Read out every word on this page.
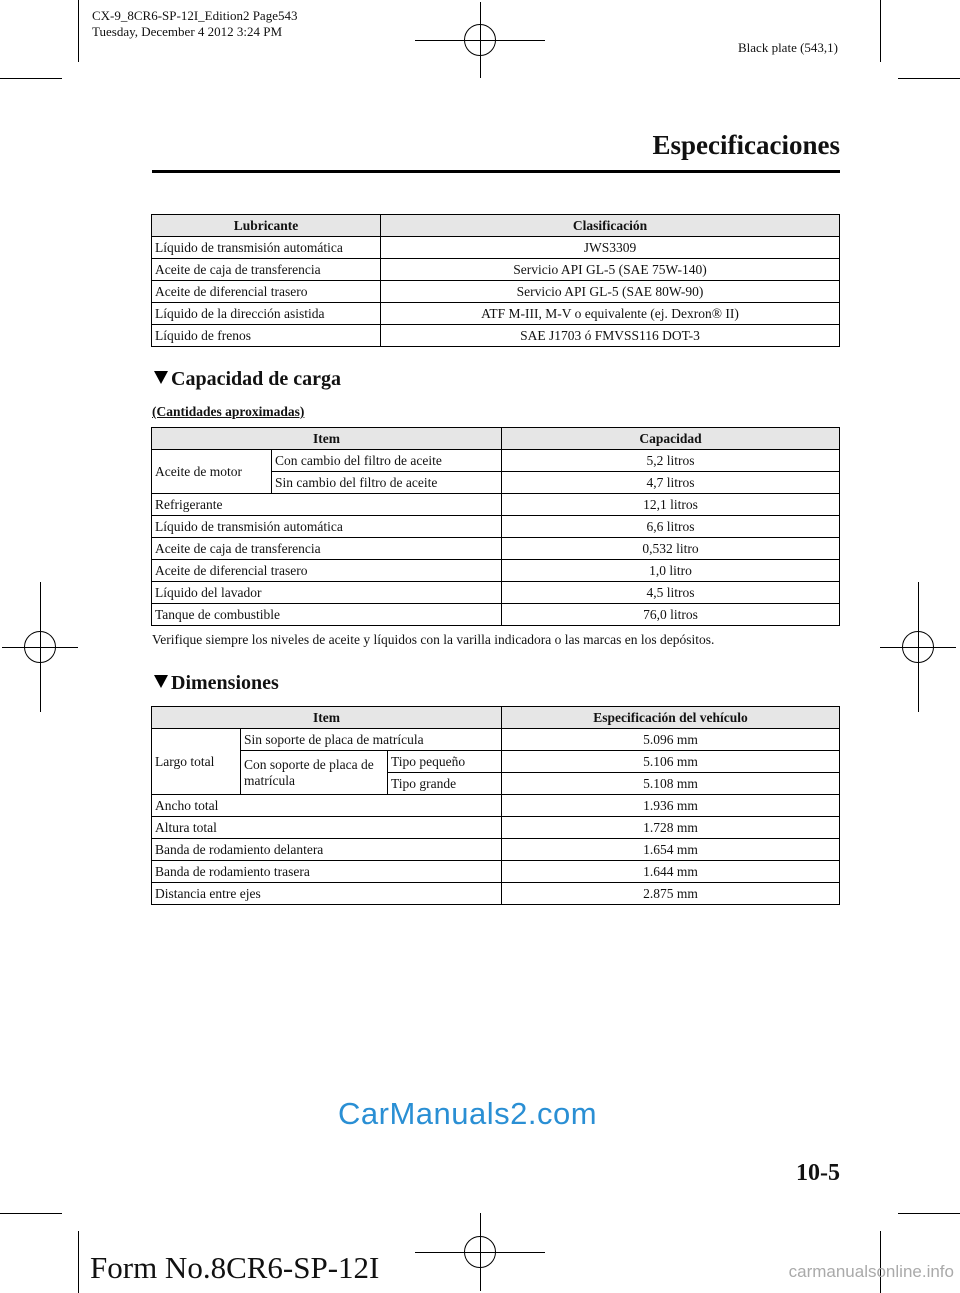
CX-9_8CR6-SP-12I_Edition2 Page543
Tuesday, December 4 2012 3:24 PM
Black plate (543,1)
Especificaciones
Lubricante	Clasificación
Líquido de transmisión automática	JWS3309
Aceite de caja de transferencia	Servicio API GL-5 (SAE 75W-140)
Aceite de diferencial trasero	Servicio API GL-5 (SAE 80W-90)
Líquido de la dirección asistida	ATF M-III, M-V o equivalente (ej. Dexron® II)
Líquido de frenos	SAE J1703 ó FMVSS116 DOT-3
Capacidad de carga
(Cantidades aproximadas)
Item		Capacidad
Aceite de motor	Con cambio del filtro de aceite	5,2 litros
	Sin cambio del filtro de aceite	4,7 litros
Refrigerante		12,1 litros
Líquido de transmisión automática		6,6 litros
Aceite de caja de transferencia		0,532 litro
Aceite de diferencial trasero		1,0 litro
Líquido del lavador		4,5 litros
Tanque de combustible		76,0 litros
Verifique siempre los niveles de aceite y líquidos con la varilla indicadora o las marcas en los depósitos.
Dimensiones
Item			Especificación del vehículo
Largo total	Sin soporte de placa de matrícula		5.096 mm
	Con soporte de placa de matrícula	Tipo pequeño	5.106 mm
		Tipo grande	5.108 mm
Ancho total			1.936 mm
Altura total			1.728 mm
Banda de rodamiento delantera			1.654 mm
Banda de rodamiento trasera			1.644 mm
Distancia entre ejes			2.875 mm
CarManuals2.com
10-5
Form No.8CR6-SP-12I	carmanualsonline.info
